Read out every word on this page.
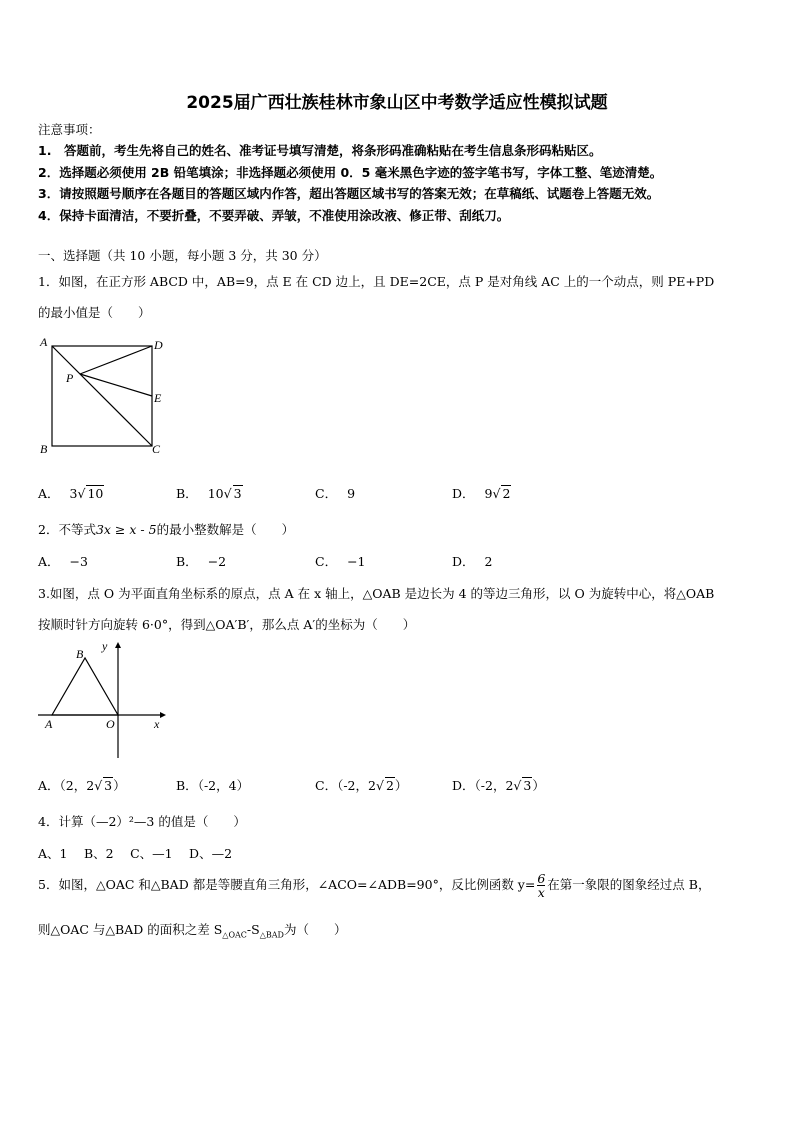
2025届广西壮族桂林市象山区中考数学适应性模拟试题
注意事项：
1.　答题前，考生先将自己的姓名、准考证号填写清楚，将条形码准确粘贴在考生信息条形码粘贴区。
2．选择题必须使用 2B 铅笔填涂；非选择题必须使用 0．5 毫米黑色字迹的签字笔书写，字体工整、笔迹清楚。
3．请按照题号顺序在各题目的答题区域内作答，超出答题区域书写的答案无效；在草稿纸、试题卷上答题无效。
4．保持卡面清洁，不要折叠，不要弄破、弄皱，不准使用涂改液、修正带、刮纸刀。
一、选择题（共 10 小题，每小题 3 分，共 30 分）
1．如图，在正方形 ABCD 中，AB=9，点 E 在 CD 边上，且 DE=2CE，点 P 是对角线 AC 上的一个动点，则 PE+PD
的最小值是（　　）
A	D
P
E
B	C
A． 3√ 10	B． 10√ 3	C． 9	D． 9√ 2
2．不等式3x ≥ x - 5的最小整数解是（　　）
A． −3	B． −2	C． −1	D． 2
3.如图，点 O 为平面直角坐标系的原点，点 A 在 x 轴上，△OAB 是边长为 4 的等边三角形，以 O 为旋转中心，将△OAB
按顺时针方向旋转 6·0°，得到△OA′B′，那么点 A′的坐标为（　　）
B
y
A	O	x
A．（2，2√ 3）	B．（-2，4）	C．（-2，2√ 2）	D．（-2，2√ 3）
4．计算（—2）²—3 的值是（　　）
A、1　 B、2　 C、—1　 D、—2
5．如图，△OAC 和△BAD 都是等腰直角三角形，∠ACO=∠ADB=90°，反比例函数 $y= \frac{6}{x}$ 在第一象限的图象经过点 B，
则△OAC 与△BAD 的面积之差 $S_{\triangle OAC}-S_{\triangle BAD}$为（　　）
